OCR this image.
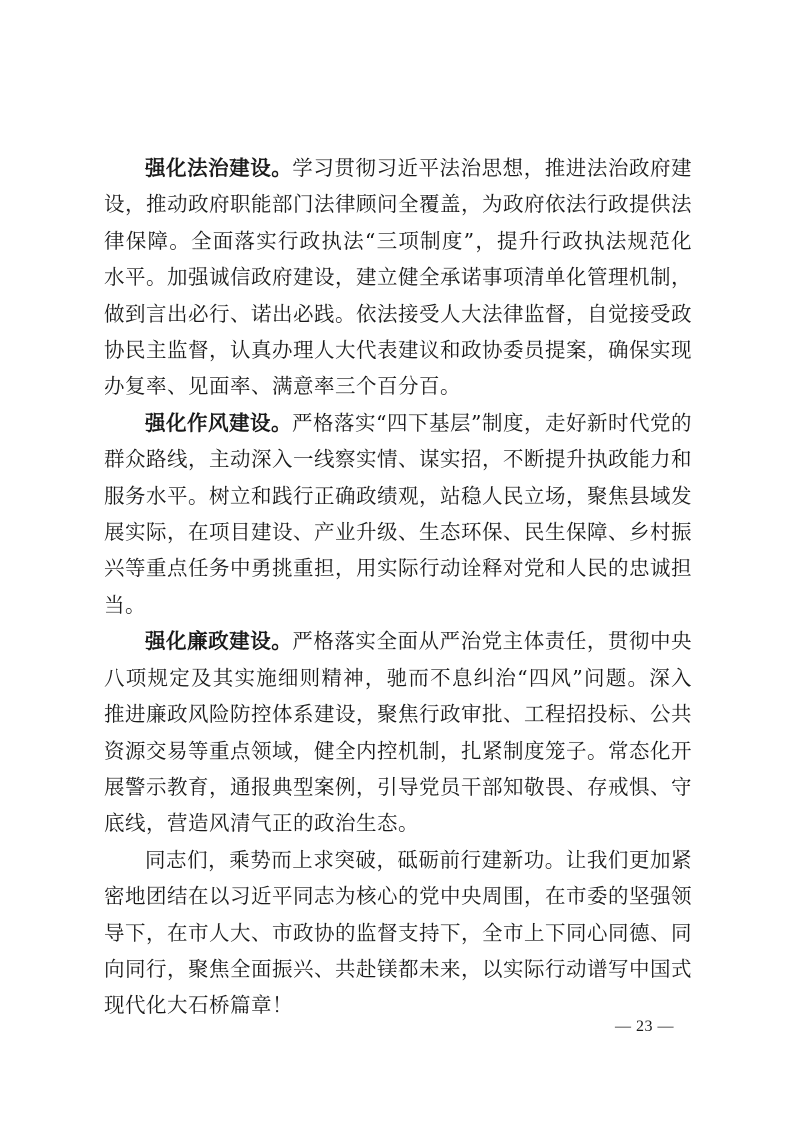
强化法治建设。学习贯彻习近平法治思想，推进法治政府建设，推动政府职能部门法律顾问全覆盖，为政府依法行政提供法律保障。全面落实行政执法“三项制度”，提升行政执法规范化水平。加强诚信政府建设，建立健全承诺事项清单化管理机制，做到言出必行、诺出必践。依法接受人大法律监督，自觉接受政协民主监督，认真办理人大代表建议和政协委员提案，确保实现办复率、见面率、满意率三个百分百。

强化作风建设。严格落实“四下基层”制度，走好新时代党的群众路线，主动深入一线察实情、谋实招，不断提升执政能力和服务水平。树立和践行正确政绩观，站稳人民立场，聚焦县域发展实际，在项目建设、产业升级、生态环保、民生保障、乡村振兴等重点任务中勇挑重担，用实际行动诠释对党和人民的忠诚担当。

强化廉政建设。严格落实全面从严治党主体责任，贯彻中央八项规定及其实施细则精神，驰而不息纠治“四风”问题。深入推进廉政风险防控体系建设，聚焦行政审批、工程招投标、公共资源交易等重点领域，健全内控机制，扎紧制度笼子。常态化开展警示教育，通报典型案例，引导党员干部知敬畏、存戒惧、守底线，营造风清气正的政治生态。

同志们，乘势而上求突破，砥砺前行建新功。让我们更加紧密地团结在以习近平同志为核心的党中央周围，在市委的坚强领导下，在市人大、市政协的监督支持下，全市上下同心同德、同向同行，聚焦全面振兴、共赴镁都未来，以实际行动谱写中国式现代化大石桥篇章！

— 23 —
